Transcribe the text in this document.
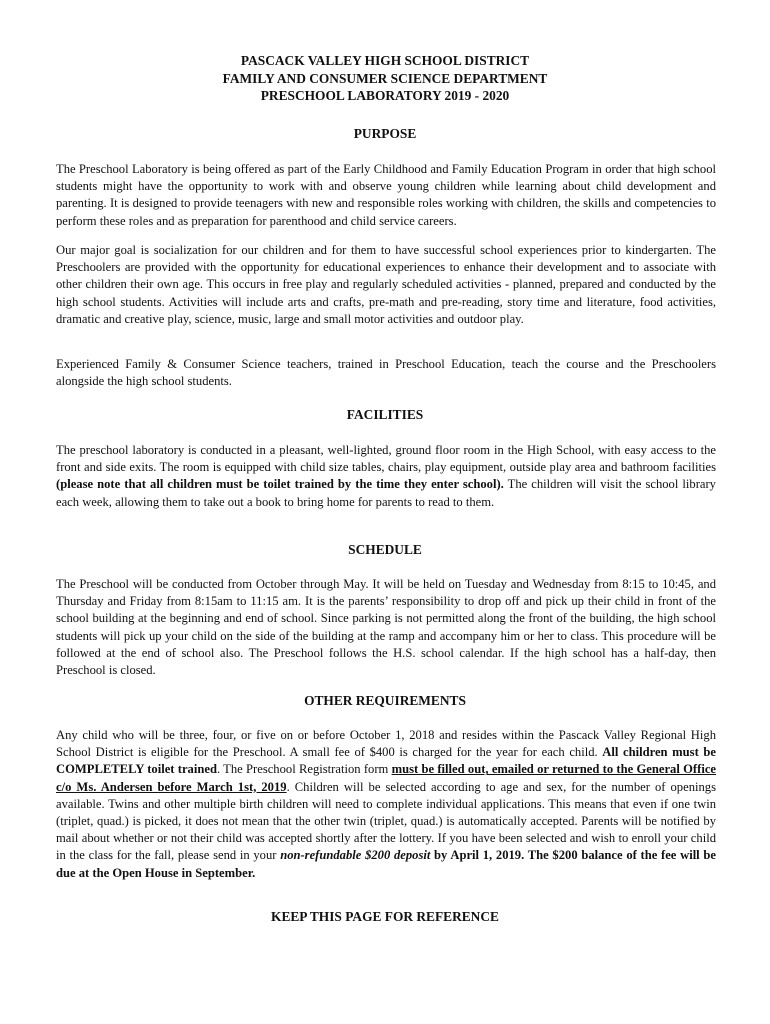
PASCACK VALLEY HIGH SCHOOL DISTRICT
FAMILY AND CONSUMER SCIENCE DEPARTMENT
PRESCHOOL LABORATORY 2019 - 2020
PURPOSE
The Preschool Laboratory is being offered as part of the Early Childhood and Family Education Program in order that high school students might have the opportunity to work with and observe young children while learning about child development and parenting. It is designed to provide teenagers with new and responsible roles working with children, the skills and competencies to perform these roles and as preparation for parenthood and child service careers.
Our major goal is socialization for our children and for them to have successful school experiences prior to kindergarten. The Preschoolers are provided with the opportunity for educational experiences to enhance their development and to associate with other children their own age. This occurs in free play and regularly scheduled activities - planned, prepared and conducted by the high school students. Activities will include arts and crafts, pre-math and pre-reading, story time and literature, food activities, dramatic and creative play, science, music, large and small motor activities and outdoor play.
Experienced Family & Consumer Science teachers, trained in Preschool Education, teach the course and the Preschoolers alongside the high school students.
FACILITIES
The preschool laboratory is conducted in a pleasant, well-lighted, ground floor room in the High School, with easy access to the front and side exits. The room is equipped with child size tables, chairs, play equipment, outside play area and bathroom facilities (please note that all children must be toilet trained by the time they enter school). The children will visit the school library each week, allowing them to take out a book to bring home for parents to read to them.
SCHEDULE
The Preschool will be conducted from October through May. It will be held on Tuesday and Wednesday from 8:15 to 10:45, and Thursday and Friday from 8:15am to 11:15 am. It is the parents’ responsibility to drop off and pick up their child in front of the school building at the beginning and end of school. Since parking is not permitted along the front of the building, the high school students will pick up your child on the side of the building at the ramp and accompany him or her to class. This procedure will be followed at the end of school also. The Preschool follows the H.S. school calendar. If the high school has a half-day, then Preschool is closed.
OTHER REQUIREMENTS
Any child who will be three, four, or five on or before October 1, 2018 and resides within the Pascack Valley Regional High School District is eligible for the Preschool. A small fee of $400 is charged for the year for each child. All children must be COMPLETELY toilet trained. The Preschool Registration form must be filled out, emailed or returned to the General Office c/o Ms. Andersen before March 1st, 2019. Children will be selected according to age and sex, for the number of openings available. Twins and other multiple birth children will need to complete individual applications. This means that even if one twin (triplet, quad.) is picked, it does not mean that the other twin (triplet, quad.) is automatically accepted. Parents will be notified by mail about whether or not their child was accepted shortly after the lottery. If you have been selected and wish to enroll your child in the class for the fall, please send in your non-refundable $200 deposit by April 1, 2019. The $200 balance of the fee will be due at the Open House in September.
KEEP THIS PAGE FOR REFERENCE
